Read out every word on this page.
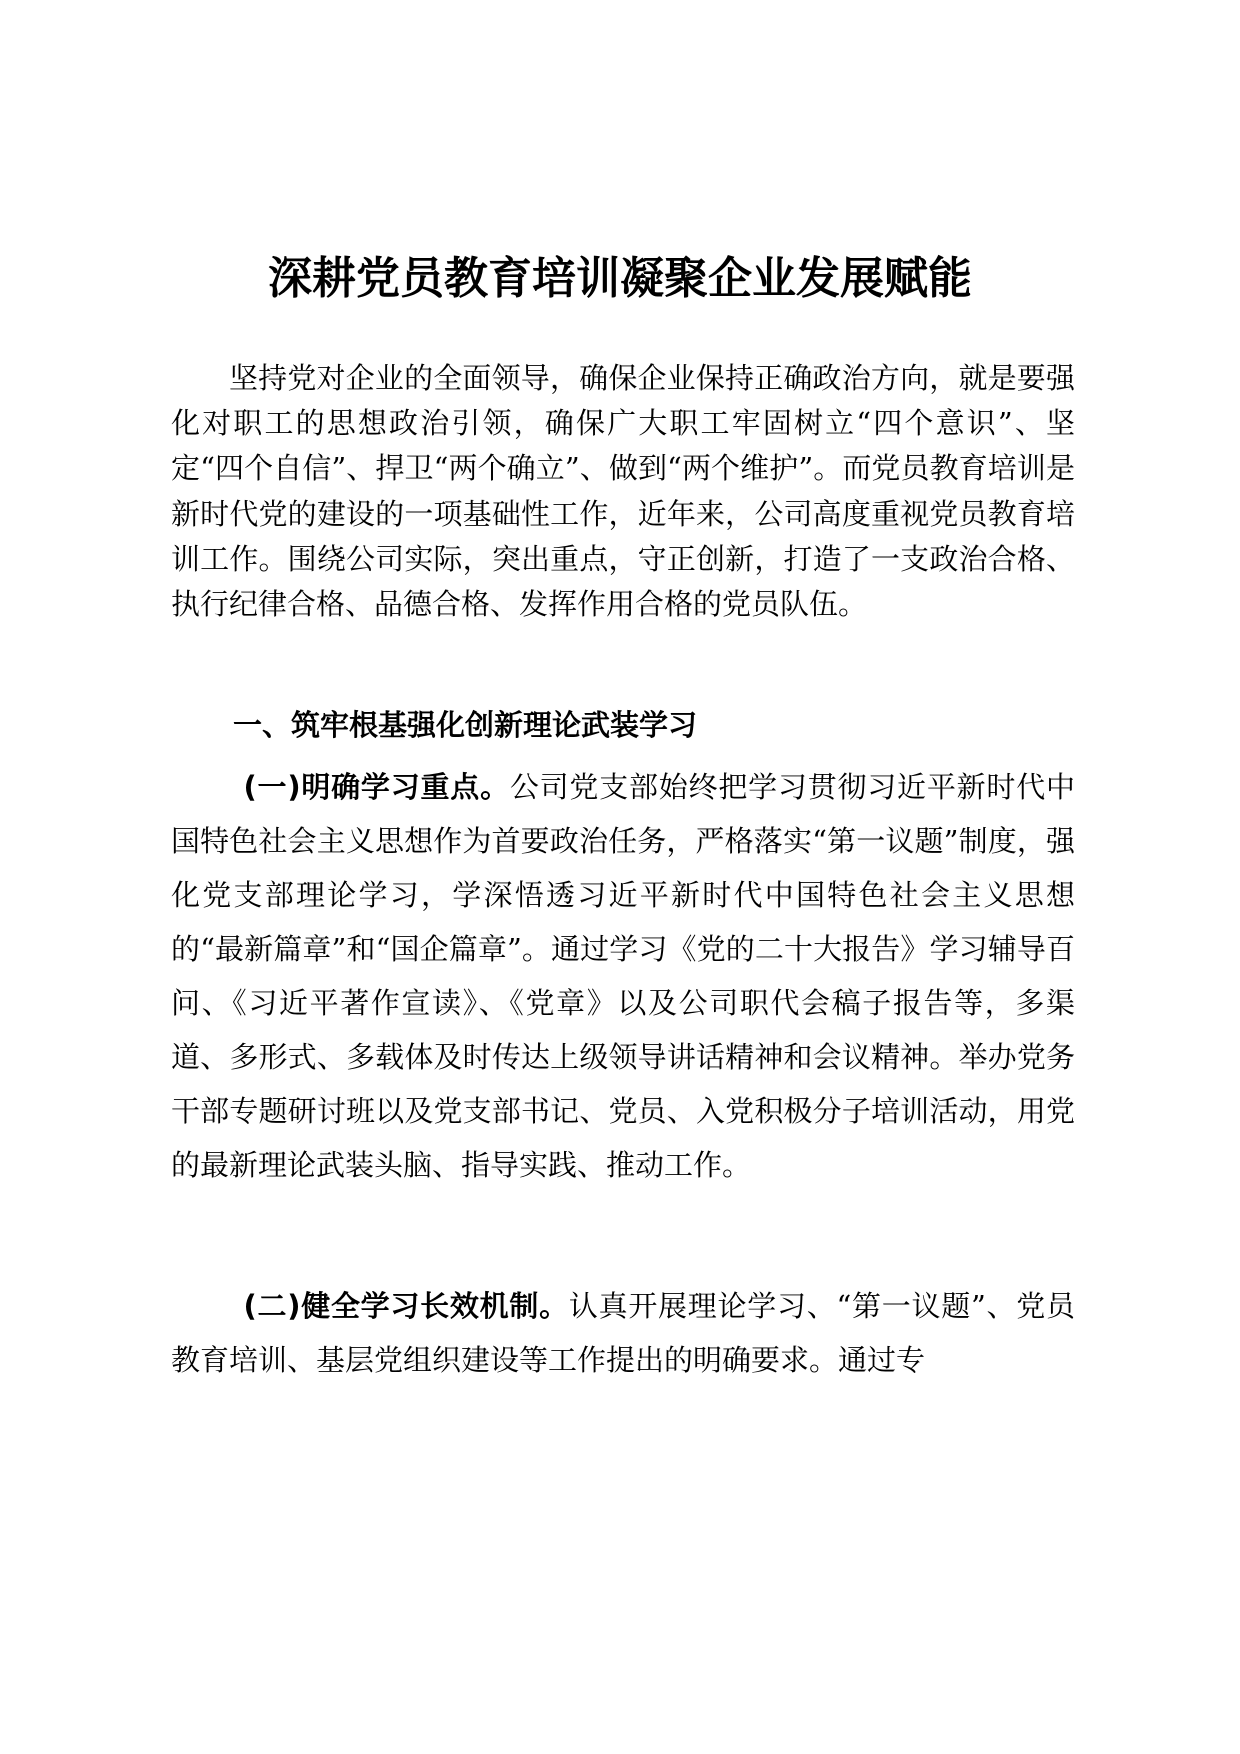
深耕党员教育培训凝聚企业发展赋能

坚持党对企业的全面领导，确保企业保持正确政治方向，就是要强化对职工的思想政治引领，确保广大职工牢固树立“四个意识”、坚定“四个自信”、捍卫“两个确立”、做到“两个维护”。而党员教育培训是新时代党的建设的一项基础性工作，近年来，公司高度重视党员教育培训工作。围绕公司实际，突出重点，守正创新，打造了一支政治合格、执行纪律合格、品德合格、发挥作用合格的党员队伍。

一、筑牢根基强化创新理论武装学习

(一)明确学习重点。公司党支部始终把学习贯彻习近平新时代中国特色社会主义思想作为首要政治任务，严格落实“第一议题”制度，强化党支部理论学习，学深悟透习近平新时代中国特色社会主义思想的“最新篇章”和“国企篇章”。通过学习《党的二十大报告》学习辅导百问、《习近平著作宣读》、《党章》以及公司职代会稿子报告等，多渠道、多形式、多载体及时传达上级领导讲话精神和会议精神。举办党务干部专题研讨班以及党支部书记、党员、入党积极分子培训活动，用党的最新理论武装头脑、指导实践、推动工作。

(二)健全学习长效机制。认真开展理论学习、“第一议题”、党员教育培训、基层党组织建设等工作提出的明确要求。通过专
